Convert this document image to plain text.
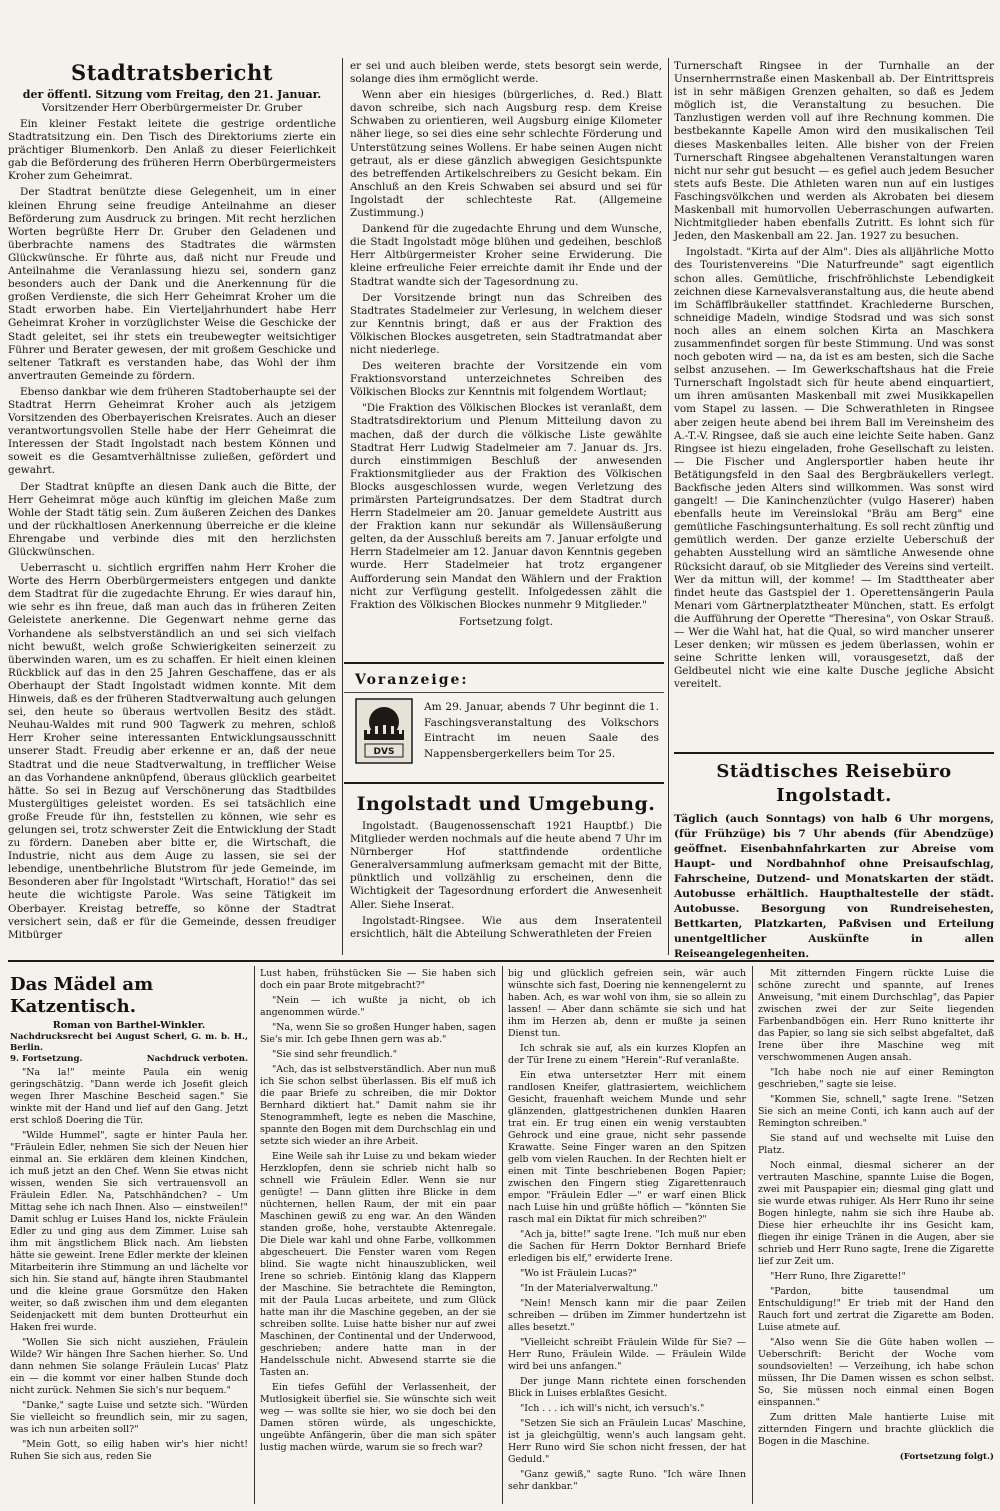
Stadtratsbericht
der öffentl. Sitzung vom Freitag, den 21. Januar.
Vorsitzender Herr Oberbürgermeister Dr. Gruber

Ein kleiner Festakt leitete die gestrige ordentliche Stadtratsitzung ein. Den Tisch des Direktoriums zierte ein prächtiger Blumenkorb. Den Anlaß zu dieser Feierlichkeit gab die Beförderung des früheren Herrn Oberbürgermeisters Kroher zum Geheimrat.

Der Stadtrat benützte diese Gelegenheit, um in einer kleinen Ehrung seine freudige Anteilnahme an dieser Beförderung zum Ausdruck zu bringen. Mit recht herzlichen Worten begrüßte Herr Dr. Gruber den Geladenen und überbrachte namens des Stadtrates die wärmsten Glückwünsche. Er führte aus, daß nicht nur Freude und Anteilnahme die Veranlassung hiezu sei, sondern ganz besonders auch der Dank und die Anerkennung für die großen Verdienste, die sich Herr Geheimrat Kroher um die Stadt erworben habe. Ein Vierteljahrhundert habe Herr Geheimrat Kroher in vorzüglichster Weise die Geschicke der Stadt geleitet, sei ihr stets ein treubewegter weitsichtiger Führer und Berater gewesen, der mit großem Geschicke und seltener Tatkraft es verstanden habe, das Wohl der ihm anvertrauten Gemeinde zu fördern.

Ebenso dankbar wie dem früheren Stadtoberhaupte sei der Stadtrat Herrn Geheimrat Kroher auch als jetzigem Vorsitzenden des Oberbayerischen Kreisrates. Auch an dieser verantwortungsvollen Stelle habe der Herr Geheimrat die Interessen der Stadt Ingolstadt nach bestem Können und soweit es die Gesamtverhältnisse zuließen, gefördert und gewahrt.

Der Stadtrat knüpfte an diesen Dank auch die Bitte, der Herr Geheimrat möge auch künftig im gleichen Maße zum Wohle der Stadt tätig sein. Zum äußeren Zeichen des Dankes und der rückhaltlosen Anerkennung überreiche er die kleine Ehrengabe und verbinde dies mit den herzlichsten Glückwünschen.

Ueberrascht u. sichtlich ergriffen nahm Herr Kroher die Worte des Herrn Oberbürgermeisters entgegen und dankte dem Stadtrat für die zugedachte Ehrung. Er wies darauf hin, wie sehr es ihn freue, daß man auch das in früheren Zeiten Geleistete anerkenne. Die Gegenwart nehme gerne das Vorhandene als selbstverständlich an und sei sich vielfach nicht bewußt, welch große Schwierigkeiten seinerzeit zu überwinden waren, um es zu schaffen. Er hielt einen kleinen Rückblick auf das in den 25 Jahren Geschaffene, das er als Oberhaupt der Stadt Ingolstadt widmen konnte. Mit dem Hinweis, daß es der früheren Stadtverwaltung auch gelungen sei, den heute so überaus wertvollen Besitz des städt. Neuhau-Waldes mit rund 900 Tagwerk zu mehren, schloß Herr Kroher seine interessanten Entwicklungsausschnitt unserer Stadt. Freudig aber erkenne er an, daß der neue Stadtrat und die neue Stadtverwaltung, in trefflicher Weise an das Vorhandene anknüpfend, überaus glücklich gearbeitet hätte. So sei in Bezug auf Verschönerung das Stadtbildes Mustergültiges geleistet worden. Es sei tatsächlich eine große Freude für ihn, feststellen zu können, wie sehr es gelungen sei, trotz schwerster Zeit die Entwicklung der Stadt zu fördern. Daneben aber bitte er, die Wirtschaft, die Industrie, nicht aus dem Auge zu lassen, sie sei der lebendige, unentbehrliche Blutstrom für jede Gemeinde, im Besonderen aber für Ingolstadt "Wirtschaft, Horatio!" das sei heute die wichtigste Parole. Was seine Tätigkeit im Oberbayer. Kreistag betreffe, so könne der Stadtrat versichert sein, daß er für die Gemeinde, dessen freudiger Mitbürger

er sei und auch bleiben werde, stets besorgt sein werde, solange dies ihm ermöglicht werde.

Wenn aber ein hiesiges (bürgerliches, d. Red.) Blatt davon schreibe, sich nach Augsburg resp. dem Kreise Schwaben zu orientieren, weil Augsburg einige Kilometer näher liege, so sei dies eine sehr schlechte Förderung und Unterstützung seines Wollens. Er habe seinen Augen nicht getraut, als er diese gänzlich abwegigen Gesichtspunkte des betreffenden Artikelschreibers zu Gesicht bekam. Ein Anschluß an den Kreis Schwaben sei absurd und sei für Ingolstadt der schlechteste Rat. (Allgemeine Zustimmung.)

Dankend für die zugedachte Ehrung und dem Wunsche, die Stadt Ingolstadt möge blühen und gedeihen, beschloß Herr Altbürgermeister Kroher seine Erwiderung. Die kleine erfreuliche Feier erreichte damit ihr Ende und der Stadtrat wandte sich der Tagesordnung zu.

Der Vorsitzende bringt nun das Schreiben des Stadtrates Stadelmeier zur Verlesung, in welchem dieser zur Kenntnis bringt, daß er aus der Fraktion des Völkischen Blockes ausgetreten, sein Stadtratmandat aber nicht niederlege.

Des weiteren brachte der Vorsitzende ein vom Fraktionsvorstand unterzeichnetes Schreiben des Völkischen Blocks zur Kenntnis mit folgendem Wortlaut;

"Die Fraktion des Völkischen Blockes ist veranlaßt, dem Stadtratsdirektorium und Plenum Mitteilung davon zu machen, daß der durch die völkische Liste gewählte Stadtrat Herr Ludwig Stadelmeier am 7. Januar ds. Jrs. durch einstimmigen Beschluß der anwesenden Fraktionsmitglieder aus der Fraktion des Völkischen Blocks ausgeschlossen wurde, wegen Verletzung des primärsten Parteigrundsatzes. Der dem Stadtrat durch Herrn Stadelmeier am 20. Januar gemeldete Austritt aus der Fraktion kann nur sekundär als Willensäußerung gelten, da der Ausschluß bereits am 7. Januar erfolgte und Herrn Stadelmeier am 12. Januar davon Kenntnis gegeben wurde. Herr Stadelmeier hat trotz ergangener Aufforderung sein Mandat den Wählern und der Fraktion nicht zur Verfügung gestellt. Infolgedessen zählt die Fraktion des Völkischen Blockes nunmehr 9 Mitglieder."

Fortsetzung folgt.
Voranzeige:
DVS
Am 29. Januar, abends 7 Uhr beginnt die 1. Faschingsveranstaltung des Volkschors Eintracht im neuen Saale des Nappensbergerkellers beim Tor 25.
Ingolstadt und Umgebung.

Ingolstadt. (Baugenossenschaft 1921 Hauptbf.) Die Mitglieder werden nochmals auf die heute abend 7 Uhr im Nürnberger Hof stattfindende ordentliche Generalversammlung aufmerksam gemacht mit der Bitte, pünktlich und vollzählig zu erscheinen, denn die Wichtigkeit der Tagesordnung erfordert die Anwesenheit Aller. Siehe Inserat.

Ingolstadt-Ringsee. Wie aus dem Inseratenteil ersichtlich, hält die Abteilung Schwerathleten der Freien

Turnerschaft Ringsee in der Turnhalle an der Unsernherrnstraße einen Maskenball ab. Der Eintrittspreis ist in sehr mäßigen Grenzen gehalten, so daß es Jedem möglich ist, die Veranstaltung zu besuchen. Die Tanzlustigen werden voll auf ihre Rechnung kommen. Die bestbekannte Kapelle Amon wird den musikalischen Teil dieses Maskenballes leiten. Alle bisher von der Freien Turnerschaft Ringsee abgehaltenen Veranstaltungen waren nicht nur sehr gut besucht — es gefiel auch jedem Besucher stets aufs Beste. Die Athleten waren nun auf ein lustiges Faschingsvölkchen und werden als Akrobaten bei diesem Maskenball mit humorvollen Ueberraschungen aufwarten. Nichtmitglieder haben ebenfalls Zutritt. Es lohnt sich für Jeden, den Maskenball am 22. Jan. 1927 zu besuchen.

Ingolstadt. "Kirta auf der Alm". Dies als alljährliche Motto des Touristenvereins "Die Naturfreunde" sagt eigentlich schon alles. Gemütliche, frischfröhlichste Lebendigkeit zeichnen diese Karnevalsveranstaltung aus, die heute abend im Schäfflbräukeller stattfindet. Krachlederne Burschen, schneidige Madeln, windige Stodsrad und was sich sonst noch alles an einem solchen Kirta an Maschkera zusammenfindet sorgen für beste Stimmung. Und was sonst noch geboten wird — na, da ist es am besten, sich die Sache selbst anzusehen. — Im Gewerkschaftshaus hat die Freie Turnerschaft Ingolstadt sich für heute abend einquartiert, um ihren amüsanten Maskenball mit zwei Musikkapellen vom Stapel zu lassen. — Die Schwerathleten in Ringsee aber zeigen heute abend bei ihrem Ball im Vereinsheim des A.-T.-V. Ringsee, daß sie auch eine leichte Seite haben. Ganz Ringsee ist hiezu eingeladen, frohe Gesellschaft zu leisten. — Die Fischer und Anglersportler haben heute ihr Betätigungsfeld in den Saal des Bergbräukellers verlegt. Backfische jeden Alters sind willkommen. Was sonst wird gangelt! — Die Kaninchenzüchter (vulgo Haserer) haben ebenfalls heute im Vereinslokal "Bräu am Berg" eine gemütliche Faschingsunterhaltung. Es soll recht zünftig und gemütlich werden. Der ganze erzielte Ueberschuß der gehabten Ausstellung wird an sämtliche Anwesende ohne Rücksicht darauf, ob sie Mitglieder des Vereins sind verteilt. Wer da mittun will, der komme! — Im Stadttheater aber findet heute das Gastspiel der 1. Operettensängerin Paula Menari vom Gärtnerplatztheater München, statt. Es erfolgt die Aufführung der Operette "Theresina", von Oskar Strauß. — Wer die Wahl hat, hat die Qual, so wird mancher unserer Leser denken; wir müssen es jedem überlassen, wohin er seine Schritte lenken will, vorausgesetzt, daß der Geldbeutel nicht wie eine kalte Dusche jegliche Absicht vereitelt.

Städtisches Reisebüro Ingolstadt.

Täglich (auch Sonntags) von halb 6 Uhr morgens, (für Frühzüge) bis 7 Uhr abends (für Abendzüge) geöffnet. Eisenbahnfahrkarten zur Abreise vom Haupt- und Nordbahnhof ohne Preisaufschlag, Fahrscheine, Dutzend- und Monatskarten der städt. Autobusse erhältlich. Haupthaltestelle der städt. Autobusse. Besorgung von Rundreisehesten, Bettkarten, Platzkarten, Paßvisen und Erteilung unentgeltlicher Auskünfte in allen Reiseangelegenheiten.

Das Mädel am Katzentisch.
Roman von Barthel-Winkler.
Nachdrucksrecht bei August Scherl, G. m. b. H., Berlin.
9. Fortsetzung.	Nachdruck verboten.

"Na la!" meinte Paula ein wenig geringschätzig. "Dann werde ich Josefit gleich wegen Ihrer Maschine Bescheid sagen." Sie winkte mit der Hand und lief auf den Gang. Jetzt erst schloß Doering die Tür.

"Wilde Hummel", sagte er hinter Paula her. "Fräulein Edler, nehmen Sie sich der Neuen hier einmal an. Sie erklären dem kleinen Kindchen, ich muß jetzt an den Chef. Wenn Sie etwas nicht wissen, wenden Sie sich vertrauensvoll an Fräulein Edler. Na, Patschhändchen? – Um Mittag sehe ich nach Ihnen. Also — einstweilen!" Damit schlug er Luises Hand los, nickte Fräulein Edler zu und ging aus dem Zimmer. Luise sah ihm mit ängstlichem Blick nach. Am liebsten hätte sie geweint. Irene Edler merkte der kleinen Mitarbeiterin ihre Stimmung an und lächelte vor sich hin. Sie stand auf, hängte ihren Staubmantel und die kleine graue Gorsmütze den Haken weiter, so daß zwischen ihm und dem eleganten Seidenjackett mit dem bunten Drotteurhut ein Haken frei wurde.

"Wollen Sie sich nicht ausziehen, Fräulein Wilde? Wir hängen Ihre Sachen hierher. So. Und dann nehmen Sie solange Fräulein Lucas' Platz ein — die kommt vor einer halben Stunde doch nicht zurück. Nehmen Sie sich's nur bequem."

"Danke," sagte Luise und setzte sich. "Würden Sie vielleicht so freundlich sein, mir zu sagen, was ich nun arbeiten soll?"

"Mein Gott, so eilig haben wir's hier nicht! Ruhen Sie sich aus, reden Sie

Lust haben, frühstücken Sie — Sie haben sich doch ein paar Brote mitgebracht?"

"Nein — ich wußte ja nicht, ob ich angenommen würde."

"Na, wenn Sie so großen Hunger haben, sagen Sie's mir. Ich gebe Ihnen gern was ab."

"Sie sind sehr freundlich."

"Ach, das ist selbstverständlich. Aber nun muß ich Sie schon selbst überlassen. Bis elf muß ich die paar Briefe zu schreiben, die mir Doktor Bernhard diktiert hat." Damit nahm sie ihr Stenogrammheft, legte es neben die Maschine, spannte den Bogen mit dem Durchschlag ein und setzte sich wieder an ihre Arbeit.

Eine Weile sah ihr Luise zu und bekam wieder Herzklopfen, denn sie schrieb nicht halb so schnell wie Fräulein Edler. Wenn sie nur genügte! — Dann glitten ihre Blicke in dem nüchternen, hellen Raum, der mit ein paar Maschinen gewiß zu eng war. An den Wänden standen große, hohe, verstaubte Aktenregale. Die Diele war kahl und ohne Farbe, vollkommen abgescheuert. Die Fenster waren vom Regen blind. Sie wagte nicht hinauszublicken, weil Irene so schrieb. Eintönig klang das Klappern der Maschine. Sie betrachtete die Remington, mit der Paula Lucas arbeitete, und zum Glück hatte man ihr die Maschine gegeben, an der sie schreiben sollte. Luise hatte bisher nur auf zwei Maschinen, der Continental und der Underwood, geschrieben; andere hatte man in der Handelsschule nicht. Abwesend starrte sie die Tasten an.

Ein tiefes Gefühl der Verlassenheit, der Mutlosigkeit überfiel sie. Sie wünschte sich weit weg — was sollte sie hier, wo sie doch bei den Damen stören würde, als ungeschickte, ungeübte Anfängerin, über die man sich später lustig machen würde, warum sie so frech war?

big und glücklich gefreien sein, wär auch wünschte sich fast, Doering nie kennengelernt zu haben. Ach, es war wohl von ihm, sie so allein zu lassen! — Aber dann schämte sie sich und hat ihm im Herzen ab, denn er mußte ja seinen Dienst tun.

Ich schrak sie auf, als ein kurzes Klopfen an der Tür Irene zu einem "Herein"-Ruf veranlaßte.

Ein etwa untersetzter Herr mit einem randlosen Kneifer, glattrasiertem, weichlichem Gesicht, frauenhaft weichem Munde und sehr glänzenden, glattgestrichenen dunklen Haaren trat ein. Er trug einen ein wenig verstaubten Gehrock und eine graue, nicht sehr passende Krawatte. Seine Finger waren an den Spitzen gelb vom vielen Rauchen. In der Rechten hielt er einen mit Tinte beschriebenen Bogen Papier; zwischen den Fingern stieg Zigarettenrauch empor. "Fräulein Edler —" er warf einen Blick nach Luise hin und grüßte höflich — "könnten Sie rasch mal ein Diktat für mich schreiben?"

"Ach ja, bitte!" sagte Irene. "Ich muß nur eben die Sachen für Herrn Doktor Bernhard Briefe erledigen bis elf," erwiderte Irene.

"Wo ist Fräulein Lucas?"

"In der Materialverwaltung."

"Nein! Mensch kann mir die paar Zeilen schreiben — drüben im Zimmer hundertzehn ist alles besetzt."

"Vielleicht schreibt Fräulein Wilde für Sie? — Herr Runo, Fräulein Wilde. — Fräulein Wilde wird bei uns anfangen."

Der junge Mann richtete einen forschenden Blick in Luises erblaßtes Gesicht.

"Ich . . . ich will's nicht, ich versuch's."

"Setzen Sie sich an Fräulein Lucas' Maschine, ist ja gleichgültig, wenn's auch langsam geht. Herr Runo wird Sie schon nicht fressen, der hat Geduld."

"Ganz gewiß," sagte Runo. "Ich wäre Ihnen sehr dankbar."

Mit zitternden Fingern rückte Luise die schöne zurecht und spannte, auf Irenes Anweisung, "mit einem Durchschlag", das Papier zwischen zwei der zur Seite liegenden Farbenbandbögen ein. Herr Runo knitterte ihr das Papier, so lang sie sich selbst abgefaltet, daß Irene über ihre Maschine weg mit verschwommenen Augen ansah.

"Ich habe noch nie auf einer Remington geschrieben," sagte sie leise.

"Kommen Sie, schnell," sagte Irene. "Setzen Sie sich an meine Conti, ich kann auch auf der Remington schreiben."

Sie stand auf und wechselte mit Luise den Platz.

Noch einmal, diesmal sicherer an der vertrauten Maschine, spannte Luise die Bogen, zwei mit Pauspapier ein; diesmal ging glatt und sie wurde etwas ruhiger. Als Herr Runo ihr seine Bogen hinlegte, nahm sie sich ihre Haube ab. Diese hier erheuchlte ihr ins Gesicht kam, fliegen ihr einige Tränen in die Augen, aber sie schrieb und Herr Runo sagte, Irene die Zigarette lief zur Zeit um.

"Herr Runo, Ihre Zigarette!"

"Pardon, bitte tausendmal um Entschuldigung!" Er trieb mit der Hand den Rauch fort und zertrat die Zigarette am Boden. Luise atmete auf.

"Also wenn Sie die Güte haben wollen — Ueberschrift: Bericht der Woche vom soundsovielten! — Verzeihung, ich habe schon müssen, Ihr Die Damen wissen es schon selbst. So, Sie müssen noch einmal einen Bogen einspannen."

Zum dritten Male hantierte Luise mit zitternden Fingern und brachte glücklich die Bogen in die Maschine.

(Fortsetzung folgt.)
